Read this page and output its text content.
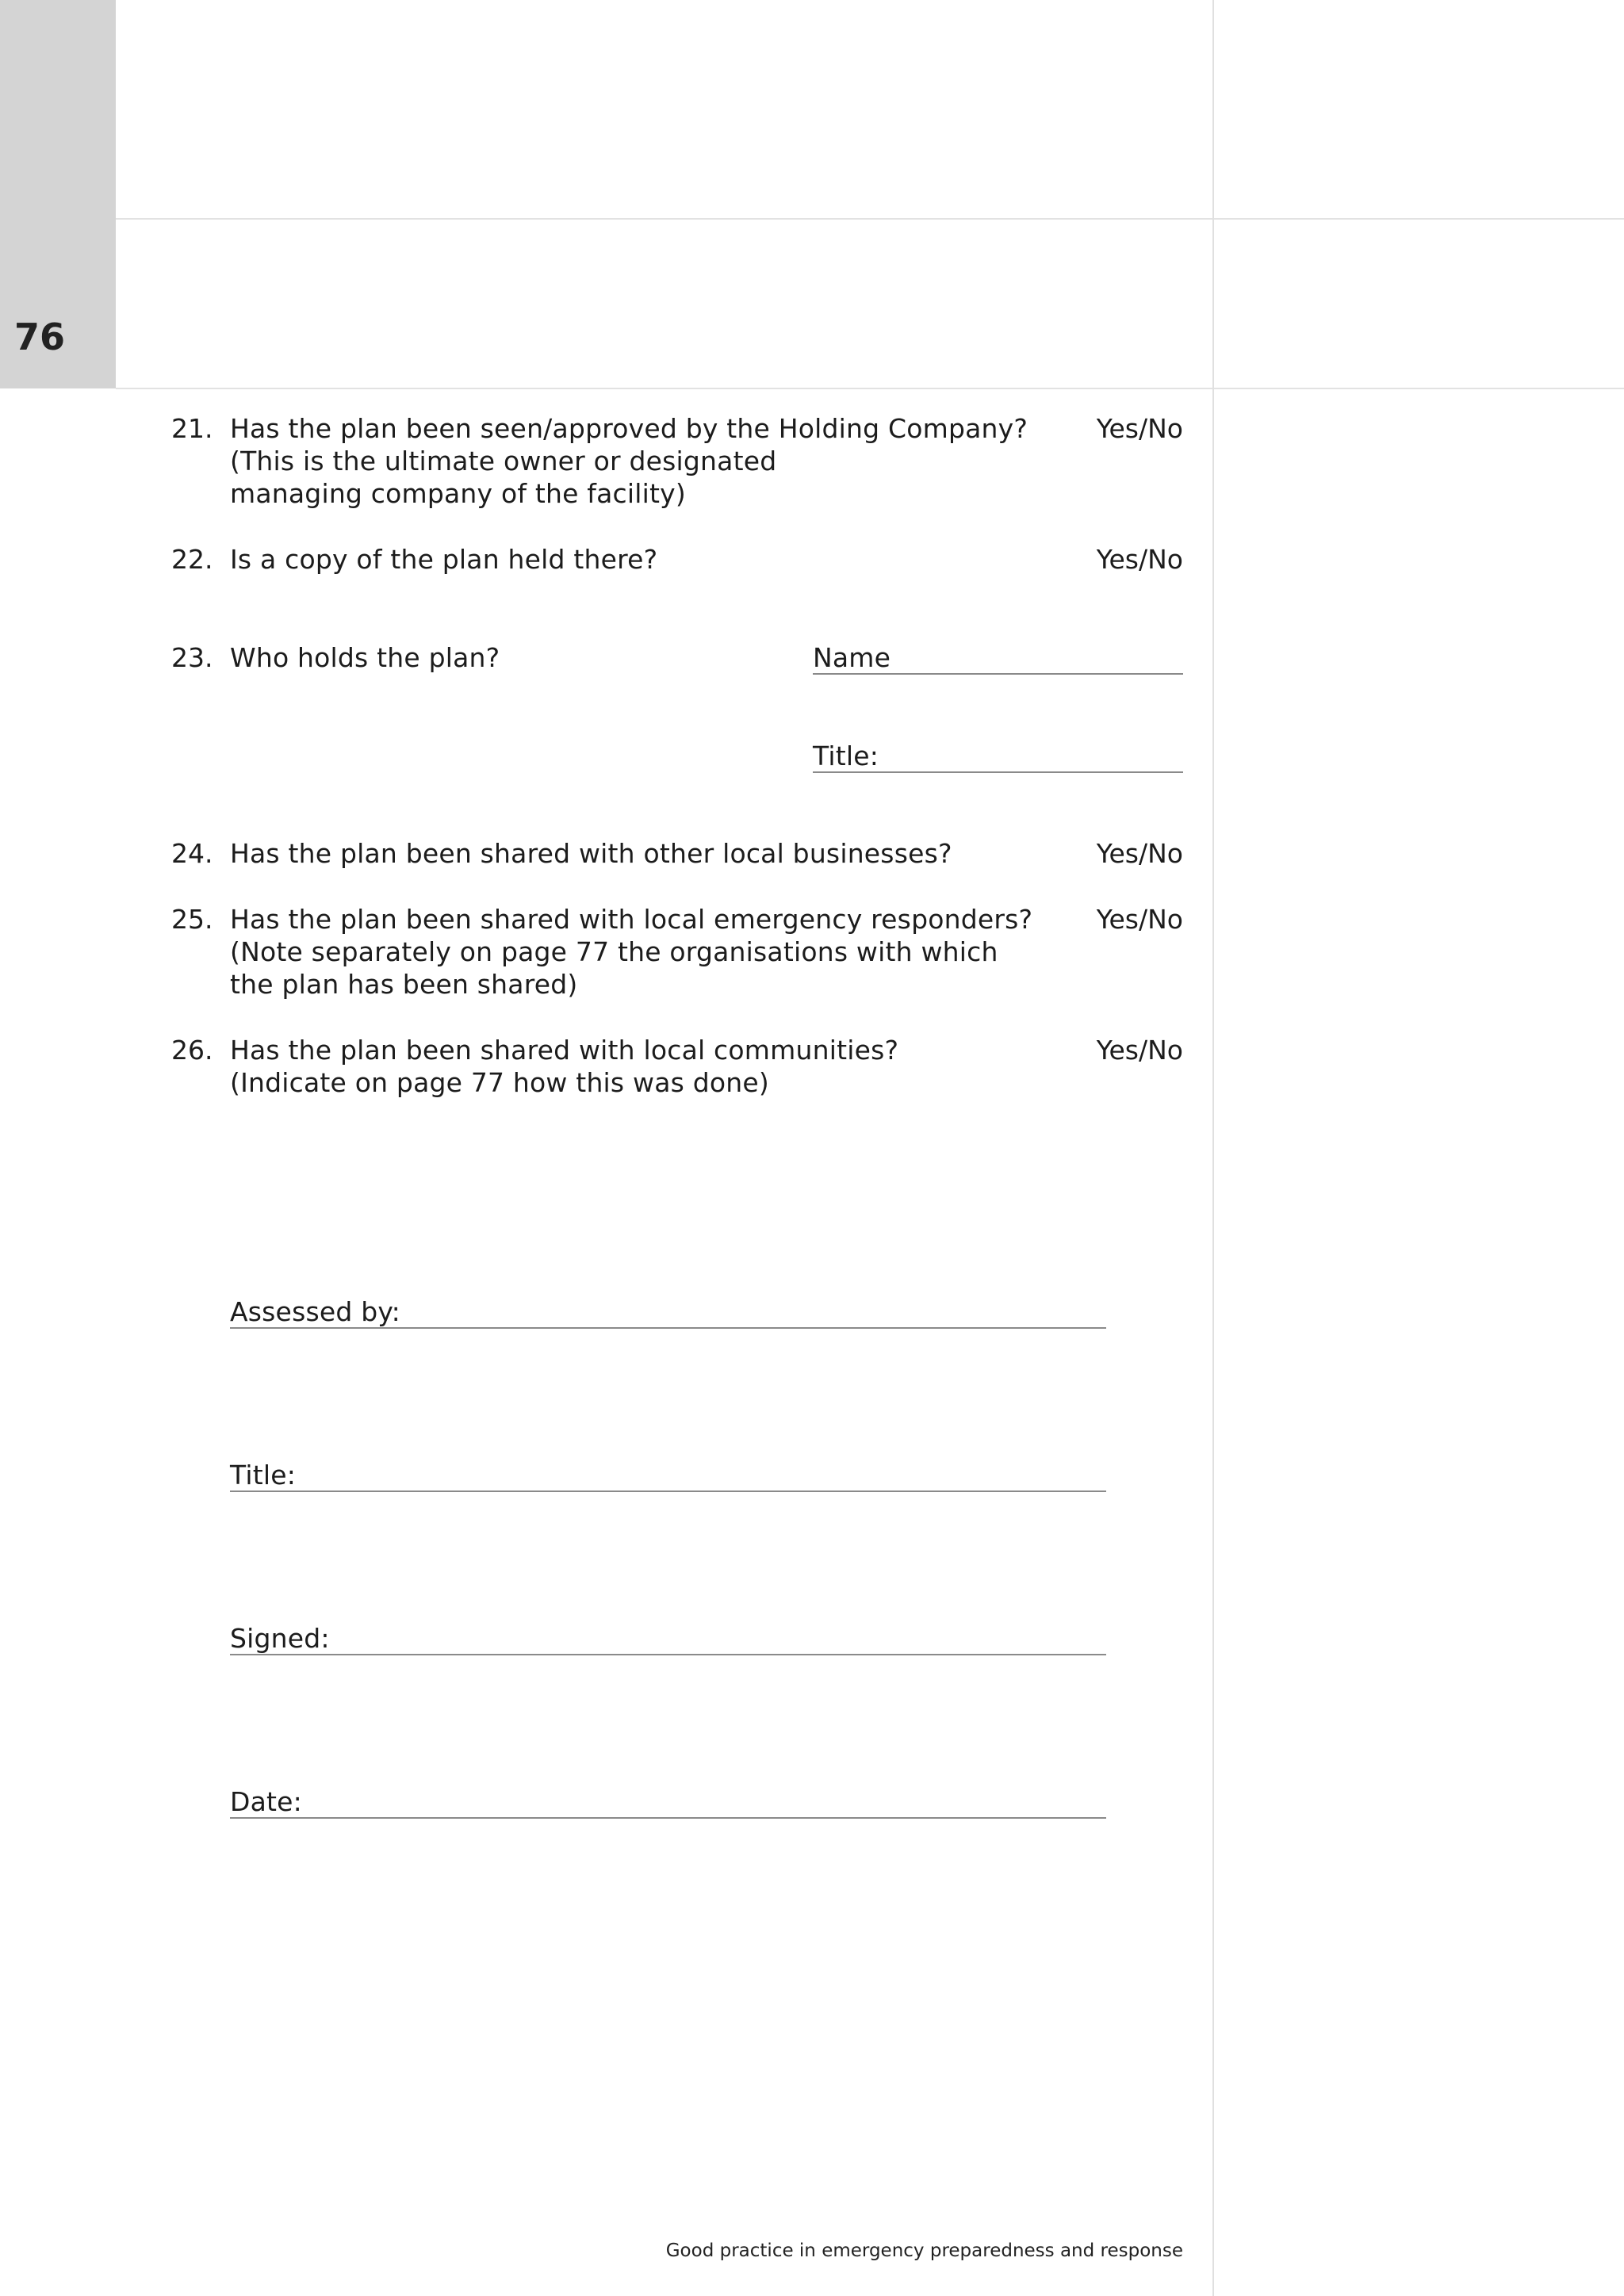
76
21. Has the plan been seen/approved by the Holding Company?
(This is the ultimate owner or designated
managing company of the facility)
Yes/No
22. Is a copy of the plan held there?	Yes/No
23. Who holds the plan?	Name
Title:
24. Has the plan been shared with other local businesses?	Yes/No
25. Has the plan been shared with local emergency responders?
(Note separately on page 77 the organisations with which
the plan has been shared)
Yes/No
26. Has the plan been shared with local communities?
(Indicate on page 77 how this was done)
Yes/No
Assessed by:
Title:
Signed:
Date:
Good practice in emergency preparedness and response
